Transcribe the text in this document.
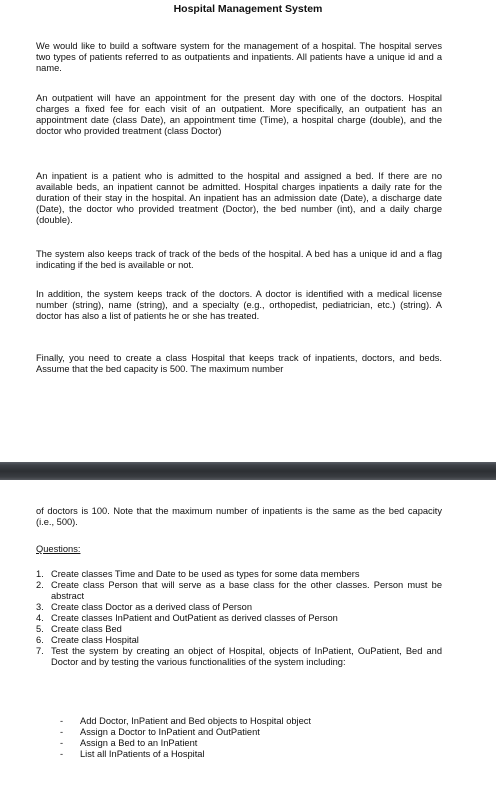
Hospital Management System

We would like to build a software system for the management of a hospital. The hospital serves two types of patients referred to as outpatients and inpatients. All patients have a unique id and a name.

An outpatient will have an appointment for the present day with one of the doctors. Hospital charges a fixed fee for each visit of an outpatient. More specifically, an outpatient has an appointment date (class Date), an appointment time (Time), a hospital charge (double), and the doctor who provided treatment (class Doctor)

An inpatient is a patient who is admitted to the hospital and assigned a bed. If there are no available beds, an inpatient cannot be admitted. Hospital charges inpatients a daily rate for the duration of their stay in the hospital. An inpatient has an admission date (Date), a discharge date (Date), the doctor who provided treatment (Doctor), the bed number (int), and a daily charge (double).

The system also keeps track of track of the beds of the hospital. A bed has a unique id and a flag indicating if the bed is available or not.

In addition, the system keeps track of the doctors. A doctor is identified with a medical license number (string), name (string), and a specialty (e.g., orthopedist, pediatrician, etc.) (string). A doctor has also a list of patients he or she has treated.

Finally, you need to create a class Hospital that keeps track of inpatients, doctors, and beds. Assume that the bed capacity is 500. The maximum number

of doctors is 100. Note that the maximum number of inpatients is the same as the bed capacity (i.e., 500).

Questions:
1. Create classes Time and Date to be used as types for some data members
2. Create class Person that will serve as a base class for the other classes. Person must be abstract
3. Create class Doctor as a derived class of Person
4. Create classes InPatient and OutPatient as derived classes of Person
5. Create class Bed
6. Create class Hospital
7. Test the system by creating an object of Hospital, objects of InPatient, OuPatient, Bed and Doctor and by testing the various functionalities of the system including:
- Add Doctor, InPatient and Bed objects to Hospital object
- Assign a Doctor to InPatient and OutPatient
- Assign a Bed to an InPatient
- List all InPatients of a Hospital
